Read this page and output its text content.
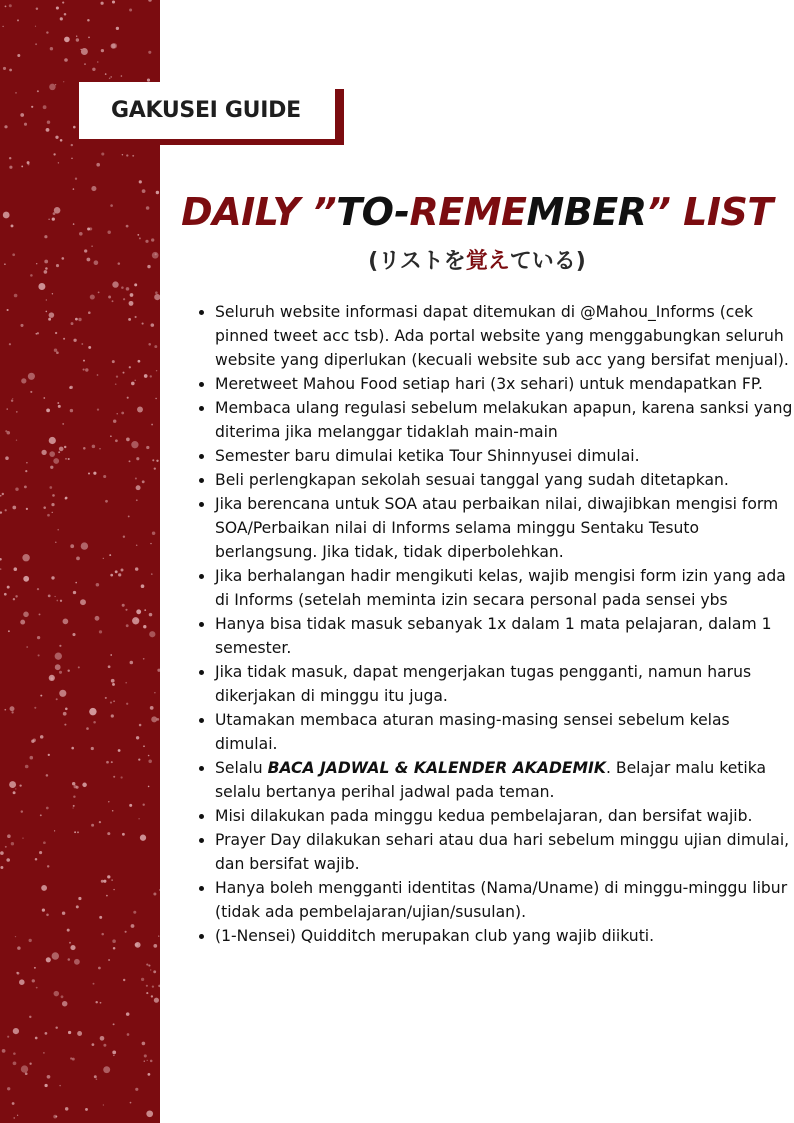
GAKUSEI GUIDE
DAILY ”TO-REMEMBER” LIST
(リストを覚えている)
• Seluruh website informasi dapat ditemukan di @Mahou_Informs (cek pinned tweet acc tsb). Ada portal website yang menggabungkan seluruh website yang diperlukan (kecuali website sub acc yang bersifat menjual).
• Meretweet Mahou Food setiap hari (3x sehari) untuk mendapatkan FP.
• Membaca ulang regulasi sebelum melakukan apapun, karena sanksi yang diterima jika melanggar tidaklah main-main
• Semester baru dimulai ketika Tour Shinnyusei dimulai.
• Beli perlengkapan sekolah sesuai tanggal yang sudah ditetapkan.
• Jika berencana untuk SOA atau perbaikan nilai, diwajibkan mengisi form SOA/Perbaikan nilai di Informs selama minggu Sentaku Tesuto berlangsung. Jika tidak, tidak diperbolehkan.
• Jika berhalangan hadir mengikuti kelas, wajib mengisi form izin yang ada di Informs (setelah meminta izin secara personal pada sensei ybs
• Hanya bisa tidak masuk sebanyak 1x dalam 1 mata pelajaran, dalam 1 semester.
• Jika tidak masuk, dapat mengerjakan tugas pengganti, namun harus dikerjakan di minggu itu juga.
• Utamakan membaca aturan masing-masing sensei sebelum kelas dimulai.
• Selalu BACA JADWAL & KALENDER AKADEMIK. Belajar malu ketika selalu bertanya perihal jadwal pada teman.
• Misi dilakukan pada minggu kedua pembelajaran, dan bersifat wajib.
• Prayer Day dilakukan sehari atau dua hari sebelum minggu ujian dimulai, dan bersifat wajib.
• Hanya boleh mengganti identitas (Nama/Uname) di minggu-minggu libur (tidak ada pembelajaran/ujian/susulan).
• (1-Nensei) Quidditch merupakan club yang wajib diikuti.
